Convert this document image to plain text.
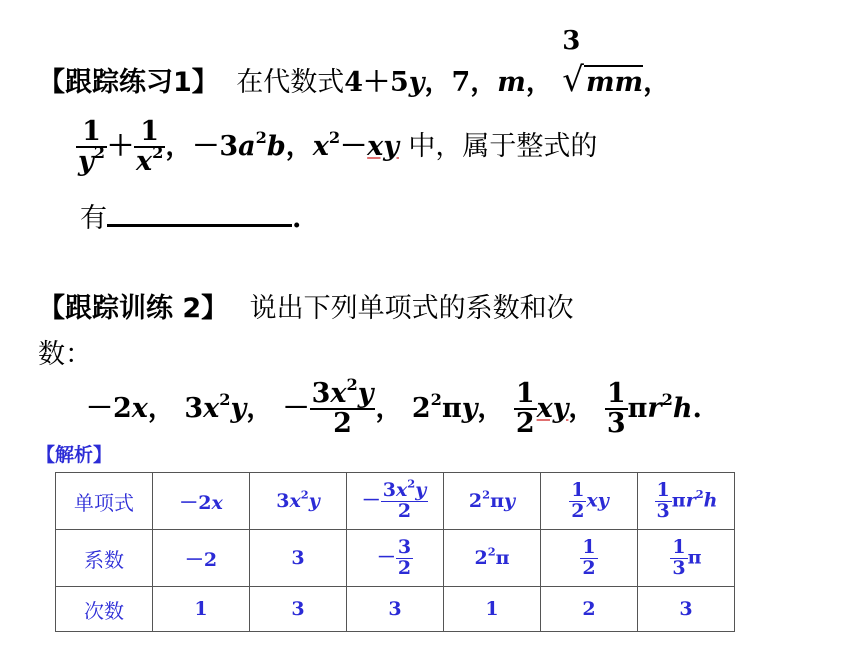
【跟踪练习1】 在代数式4＋5y，7，m，
3
√mm，
$\frac{1}{y^2} + \frac{1}{x^2}$ ，$-3a^2b$，$x^2-xy$ 中，属于整式的
有	.
【跟踪训练 2】 说出下列单项式的系数和次
数：
－2x， $3x^2y$， － $\frac{3x^2y}{2}$ ， $2^2\pi y$， $\frac{1}{2}$ xy， $\frac{1}{3} \pi r^2h$.
【解析】
单项式	－2x	$3x^2y$	－ $\frac{3x^2y}{2}$	$2^2\pi y$	$\frac{1}{2}$ xy	$\frac{1}{3} \pi r^2h$
系数	－2	3	－ $\frac{3}{2}$	$2^2\pi$	$\frac{1}{2}$	$\frac{1}{3}$ π
次数	1	3	3	1	2	3
